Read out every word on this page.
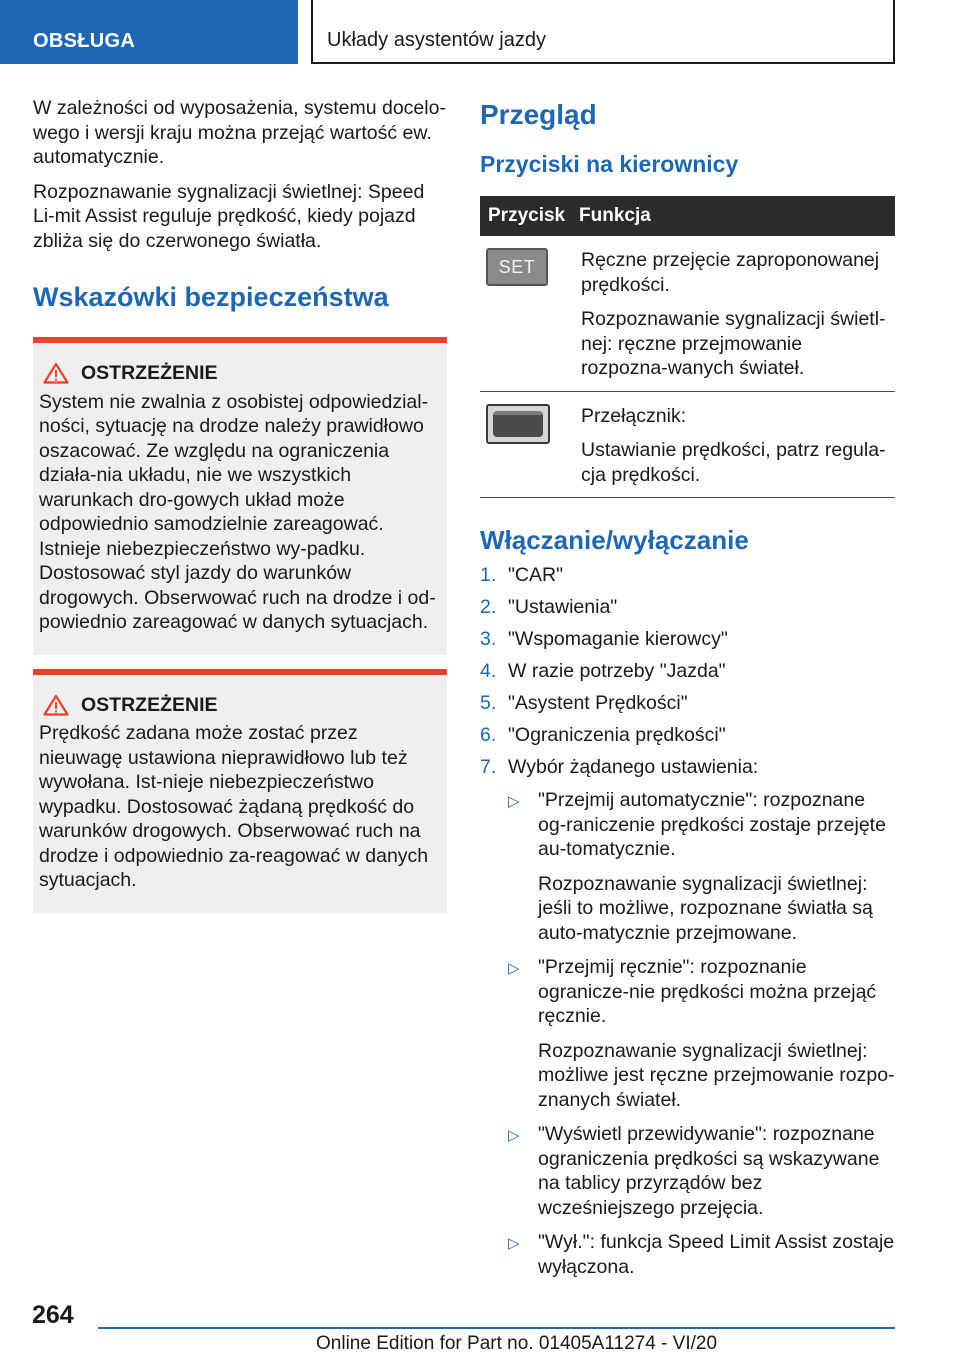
OBSŁUGA	Układy asystentów jazdy

W zależności od wyposażenia, systemu docelo-wego i wersji kraju można przejąć wartość ew. automatycznie.

Rozpoznawanie sygnalizacji świetlnej: Speed Li-mit Assist reguluje prędkość, kiedy pojazd zbliża się do czerwonego światła.

Wskazówki bezpieczeństwa
OSTRZEŻENIE

System nie zwalnia z osobistej odpowiedzial-ności, sytuację na drodze należy prawidłowo oszacować. Ze względu na ograniczenia działa-nia układu, nie we wszystkich warunkach dro-gowych układ może odpowiednio samodzielnie zareagować. Istnieje niebezpieczeństwo wy-padku. Dostosować styl jazdy do warunków drogowych. Obserwować ruch na drodze i od-powiednio zareagować w danych sytuacjach.

OSTRZEŻENIE

Prędkość zadana może zostać przez nieuwagę ustawiona nieprawidłowo lub też wywołana. Ist-nieje niebezpieczeństwo wypadku. Dostosować żądaną prędkość do warunków drogowych. Obserwować ruch na drodze i odpowiednio za-reagować w danych sytuacjach.

Przegląd
Przyciski na kierownicy
Przycisk	Funkcja

SET	Ręczne przejęcie zaproponowanej prędkości.

Rozpoznawanie sygnalizacji świetl-nej: ręczne przejmowanie rozpozna-wanych świateł.

	Przełącznik:

Ustawianie prędkości, patrz regula-cja prędkości.

Włączanie/wyłączanie
1. "CAR"
2. "Ustawienia"
3. "Wspomaganie kierowcy"
4. W razie potrzeby "Jazda"
5. "Asystent Prędkości"
6. "Ograniczenia prędkości"
7. Wybór żądanego ustawienia:
▷ "Przejmij automatycznie": rozpoznane og-raniczenie prędkości zostaje przejęte au-tomatycznie.

Rozpoznawanie sygnalizacji świetlnej: jeśli to możliwe, rozpoznane światła są auto-matycznie przejmowane.

▷ "Przejmij ręcznie": rozpoznanie ogranicze-nie prędkości można przejąć ręcznie.

Rozpoznawanie sygnalizacji świetlnej: możliwe jest ręczne przejmowanie rozpo-znanych świateł.

▷ "Wyświetl przewidywanie": rozpoznane ograniczenia prędkości są wskazywane na tablicy przyrządów bez wcześniejszego przejęcia.

▷ "Wył.": funkcja Speed Limit Assist zostaje wyłączona.

264
Online Edition for Part no. 01405A11274 - VI/20
